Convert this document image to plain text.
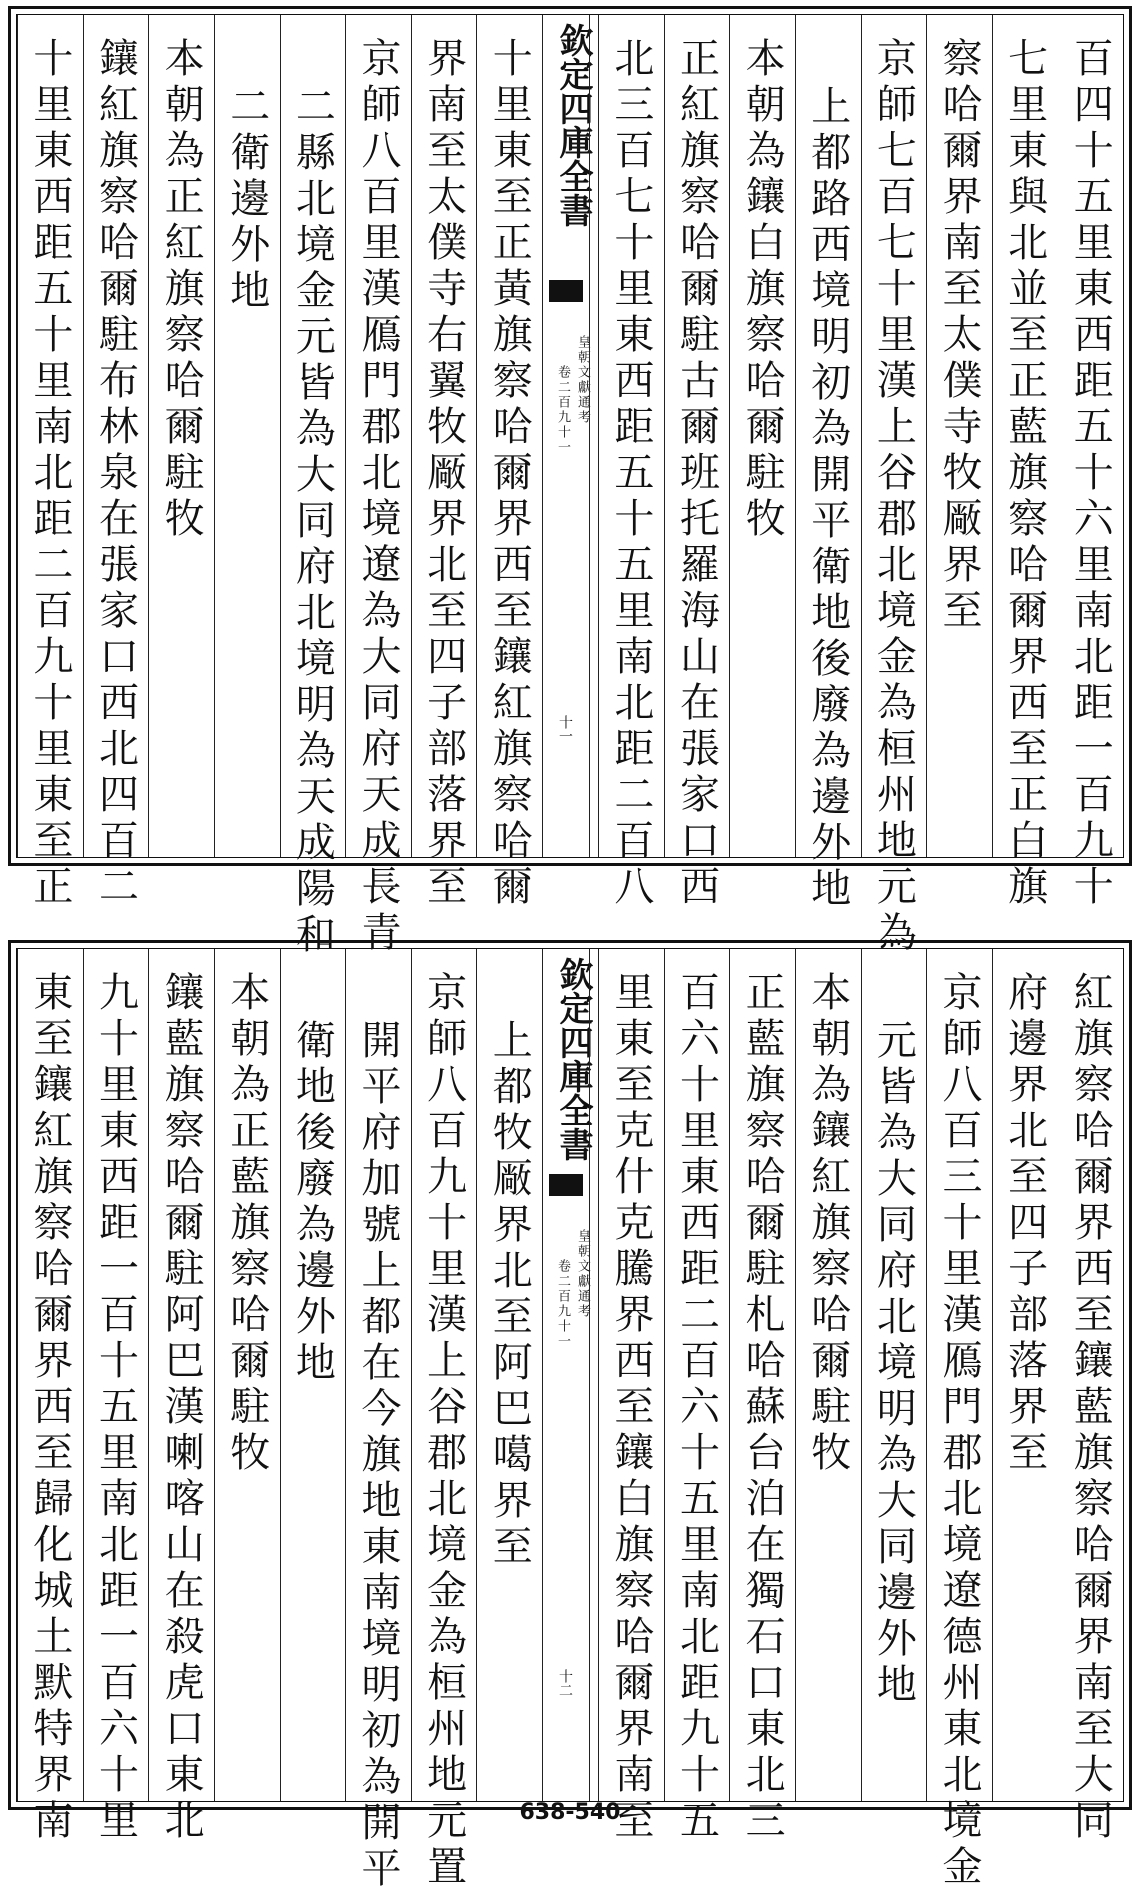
百四十五里東西距五十六里南北距一百九十
七里東與北並至正藍旗察哈爾界西至正白旗
察哈爾界南至太僕寺牧厰界至
京師七百七十里漢上谷郡北境金為桓州地元為
上都路西境明初為開平衛地後廢為邊外地
本朝為鑲白旗察哈爾駐牧
正紅旗察哈爾駐古爾班托羅海山在張家口西
北三百七十里東西距五十五里南北距二百八
欽定四庫全書
皇朝文獻通考
卷二百九十一
十一
十里東至正黃旗察哈爾界西至鑲紅旗察哈爾
界南至太僕寺右翼牧厰界北至四子部落界至
京師八百里漢鴈門郡北境遼為大同府天成長青
二縣北境金元皆為大同府北境明為天成陽和
二衛邊外地
本朝為正紅旗察哈爾駐牧
鑲紅旗察哈爾駐布林泉在張家口西北四百二
十里東西距五十里南北距二百九十里東至正
紅旗察哈爾界西至鑲藍旗察哈爾界南至大同
府邊界北至四子部落界至
京師八百三十里漢鴈門郡北境遼德州東北境金
元皆為大同府北境明為大同邊外地
本朝為鑲紅旗察哈爾駐牧
正藍旗察哈爾駐札哈蘇台泊在獨石口東北三
百六十里東西距二百六十五里南北距九十五
里東至克什克騰界西至鑲白旗察哈爾界南至
欽定四庫全書
皇朝文獻通考
卷二百九十一
十二
上都牧厰界北至阿巴噶界至
京師八百九十里漢上谷郡北境金為桓州地元置
開平府加號上都在今旗地東南境明初為開平
衛地後廢為邊外地
本朝為正藍旗察哈爾駐牧
鑲藍旗察哈爾駐阿巴漢喇喀山在殺虎口東北
九十里東西距一百十五里南北距一百六十里
東至鑲紅旗察哈爾界西至歸化城土默特界南	638-540
